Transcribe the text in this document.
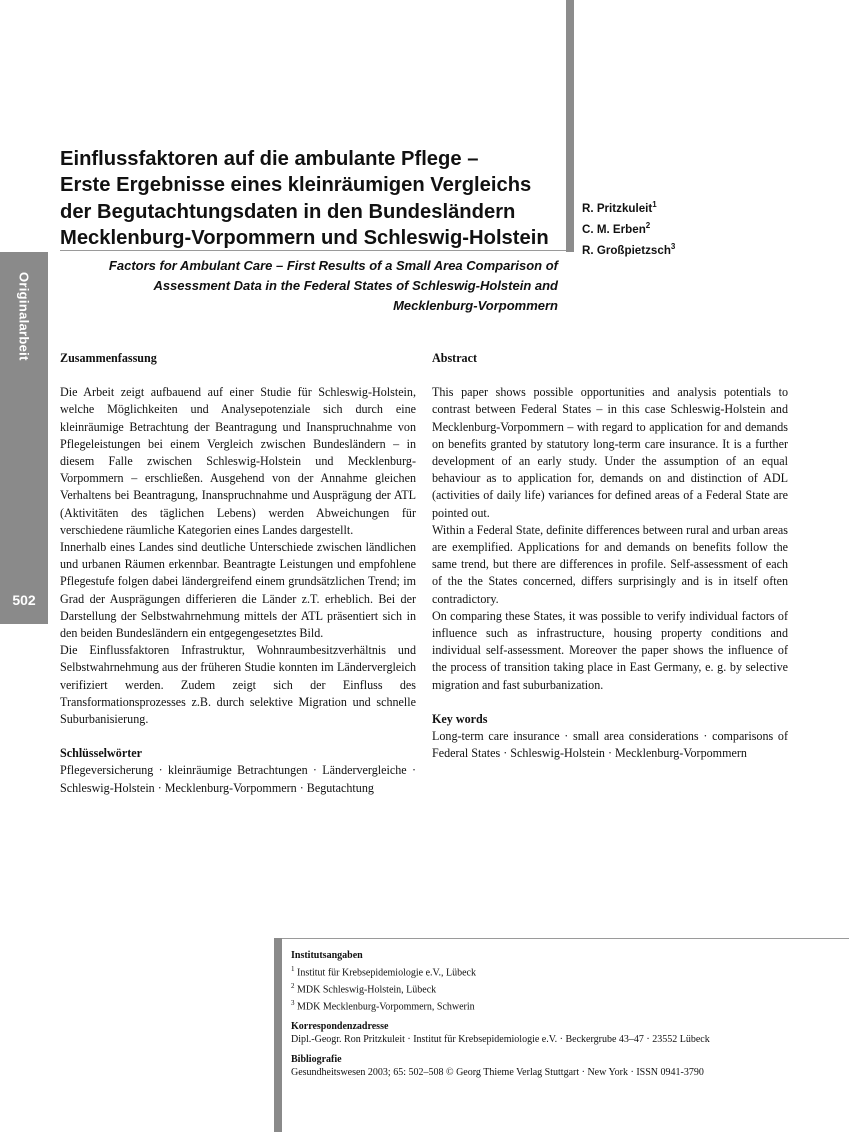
Originalarbeit
502
Einflussfaktoren auf die ambulante Pflege –
Erste Ergebnisse eines kleinräumigen Vergleichs
der Begutachtungsdaten in den Bundesländern
Mecklenburg-Vorpommern und Schleswig-Holstein
R. Pritzkuleit$^1$
C. M. Erben$^2$
R. Großpietzsch$^3$

Factors for Ambulant Care – First Results of a Small Area Comparison of Assessment Data in the Federal States of Schleswig-Holstein and Mecklenburg-Vorpommern

Zusammenfassung

Die Arbeit zeigt aufbauend auf einer Studie für Schleswig-Holstein, welche Möglichkeiten und Analysepotenziale sich durch eine kleinräumige Betrachtung der Beantragung und Inanspruchnahme von Pflegeleistungen bei einem Vergleich zwischen Bundesländern – in diesem Falle zwischen Schleswig-Holstein und Mecklenburg-Vorpommern – erschließen. Ausgehend von der Annahme gleichen Verhaltens bei Beantragung, Inanspruchnahme und Ausprägung der ATL (Aktivitäten des täglichen Lebens) werden Abweichungen für verschiedene räumliche Kategorien eines Landes dargestellt.

Innerhalb eines Landes sind deutliche Unterschiede zwischen ländlichen und urbanen Räumen erkennbar. Beantragte Leistungen und empfohlene Pflegestufe folgen dabei ländergreifend einem grundsätzlichen Trend; im Grad der Ausprägungen differieren die Länder z.T. erheblich. Bei der Darstellung der Selbstwahrnehmung mittels der ATL präsentiert sich in den beiden Bundesländern ein entgegengesetztes Bild.

Die Einflussfaktoren Infrastruktur, Wohnraumbesitzverhältnis und Selbstwahrnehmung aus der früheren Studie konnten im Ländervergleich verifiziert werden. Zudem zeigt sich der Einfluss des Transformationsprozesses z.B. durch selektive Migration und schnelle Suburbanisierung.

Schlüsselwörter

Pflegeversicherung · kleinräumige Betrachtungen · Ländervergleiche · Schleswig-Holstein · Mecklenburg-Vorpommern · Begutachtung

Abstract

This paper shows possible opportunities and analysis potentials to contrast between Federal States – in this case Schleswig-Holstein and Mecklenburg-Vorpommern – with regard to application for and demands on benefits granted by statutory long-term care insurance. It is a further development of an early study. Under the assumption of an equal behaviour as to application for, demands on and distinction of ADL (activities of daily life) variances for defined areas of a Federal State are pointed out.

Within a Federal State, definite differences between rural and urban areas are exemplified. Applications for and demands on benefits follow the same trend, but there are differences in profile. Self-assessment of each of the the States concerned, differs surprisingly and is in itself often contradictory.

On comparing these States, it was possible to verify individual factors of influence such as infrastructure, housing property conditions and individual self-assessment. Moreover the paper shows the influence of the process of transition taking place in East Germany, e. g. by selective migration and fast suburbanization.

Key words

Long-term care insurance · small area considerations · comparisons of Federal States · Schleswig-Holstein · Mecklenburg-Vorpommern

Institutsangaben
$^1$ Institut für Krebsepidemiologie e.V., Lübeck
$^2$ MDK Schleswig-Holstein, Lübeck
$^3$ MDK Mecklenburg-Vorpommern, Schwerin
Korrespondenzadresse
Dipl.-Geogr. Ron Pritzkuleit · Institut für Krebsepidemiologie e.V. · Beckergrube 43–47 · 23552 Lübeck
Bibliografie
Gesundheitswesen 2003; 65: 502–508 © Georg Thieme Verlag Stuttgart · New York · ISSN 0941-3790
